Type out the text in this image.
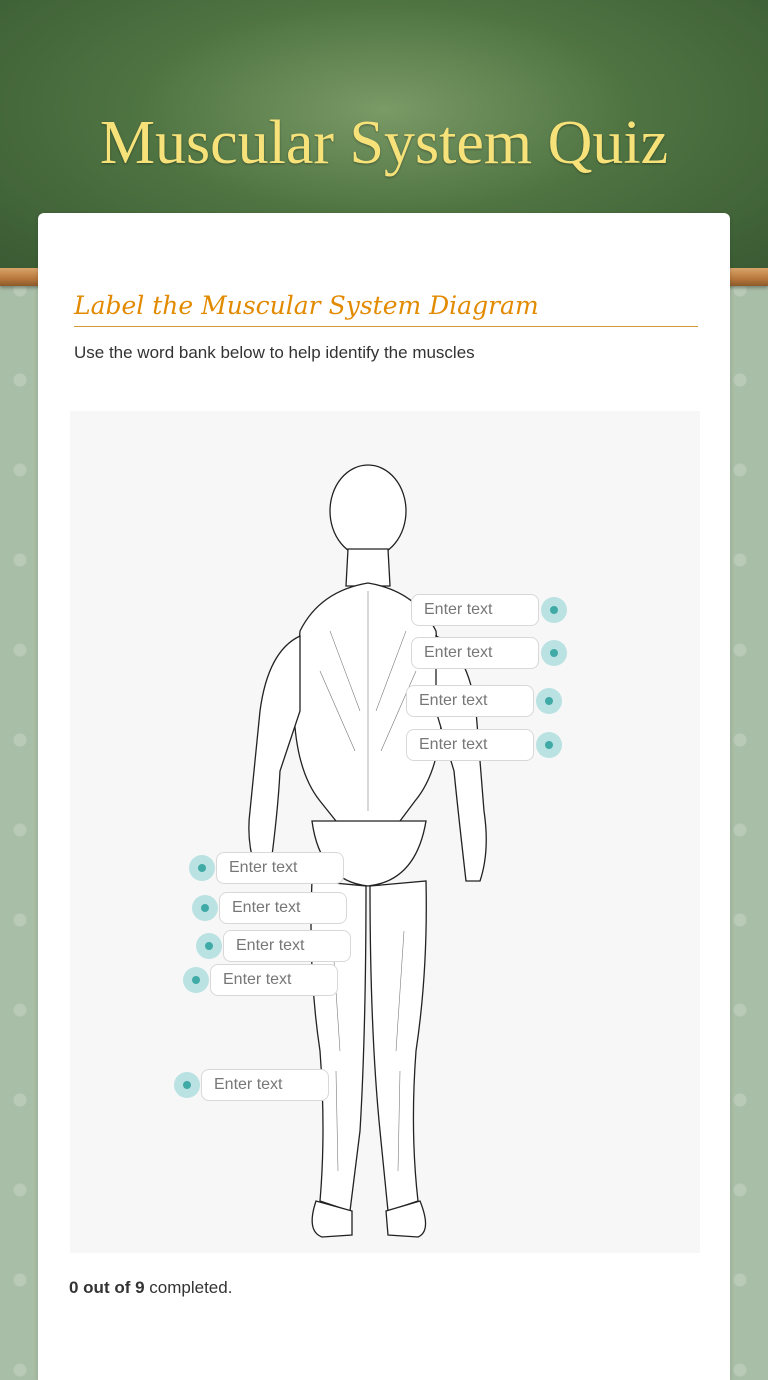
Muscular System Quiz
Label the Muscular System Diagram
Use the word bank below to help identify the muscles
Enter text
Enter text
Enter text
Enter text
Enter text
Enter text
Enter text
Enter text
Enter text
0 out of 9 completed.
